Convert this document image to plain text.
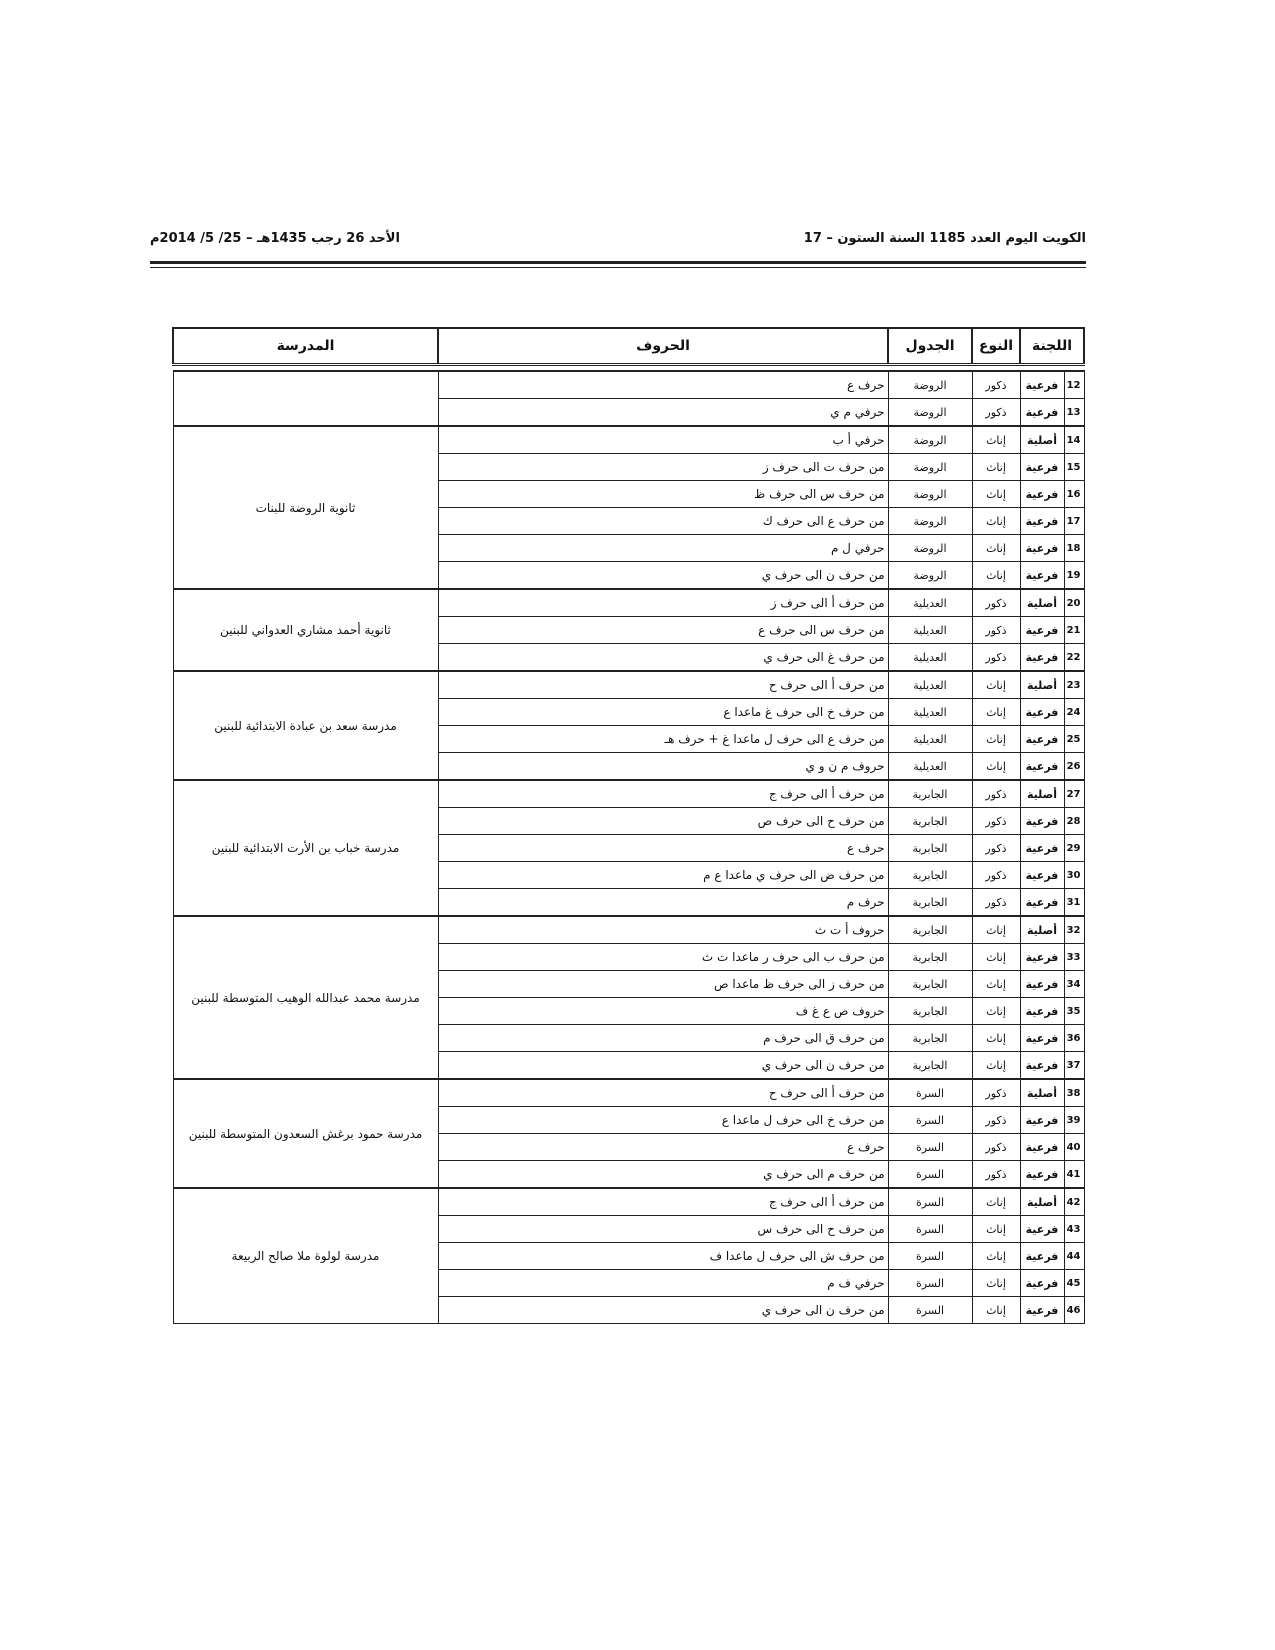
الكويت اليوم العدد 1185 السنة الستون – 17
الأحد 26 رجب 1435هـ – 25/ 5/ 2014م
اللجنة		النوع	الجدول	الحروف	المدرسة

12	فرعية	ذكور	الروضة	حرف ع	
13	فرعية	ذكور	الروضة	حرفي م ي	
14	أصلية	إناث	الروضة	حرفي أ ب	ثانوية الروضة للبنات
15	فرعية	إناث	الروضة	من حرف ت الى حرف ز	
16	فرعية	إناث	الروضة	من حرف س الى حرف ظ	
17	فرعية	إناث	الروضة	من حرف ع الى حرف ك	
18	فرعية	إناث	الروضة	حرفي ل م	
19	فرعية	إناث	الروضة	من حرف ن الى حرف ي	
20	أصلية	ذكور	العديلية	من حرف أ الى حرف ز	ثانوية أحمد مشاري العدواني للبنين
21	فرعية	ذكور	العديلية	من حرف س الى حرف ع	
22	فرعية	ذكور	العديلية	من حرف غ الى حرف ي	
23	أصلية	إناث	العديلية	من حرف أ الى حرف ح	مدرسة سعد بن عبادة الابتدائية للبنين
24	فرعية	إناث	العديلية	من حرف خ الى حرف غ ماعدا ع	
25	فرعية	إناث	العديلية	من حرف ع الى حرف ل ماعدا غ + حرف هـ	
26	فرعية	إناث	العديلية	حروف م ن و ي	
27	أصلية	ذكور	الجابرية	من حرف أ الى حرف ج	مدرسة خباب بن الأرت الابتدائية للبنين
28	فرعية	ذكور	الجابرية	من حرف ح الى حرف ص	
29	فرعية	ذكور	الجابرية	حرف ع	
30	فرعية	ذكور	الجابرية	من حرف ض الى حرف ي ماعدا ع م	
31	فرعية	ذكور	الجابرية	حرف م	
32	أصلية	إناث	الجابرية	حروف أ ت ث	مدرسة محمد عبدالله الوهيب المتوسطة للبنين
33	فرعية	إناث	الجابرية	من حرف ب الى حرف ر ماعدا ت ث	
34	فرعية	إناث	الجابرية	من حرف ز الى حرف ظ ماعدا ص	
35	فرعية	إناث	الجابرية	حروف ص ع غ ف	
36	فرعية	إناث	الجابرية	من حرف ق الى حرف م	
37	فرعية	إناث	الجابرية	من حرف ن الى حرف ي	
38	أصلية	ذكور	السرة	من حرف أ الى حرف ح	مدرسة حمود برغش السعدون المتوسطة للبنين
39	فرعية	ذكور	السرة	من حرف خ الى حرف ل ماعدا ع	
40	فرعية	ذكور	السرة	حرف ع	
41	فرعية	ذكور	السرة	من حرف م الى حرف ي	
42	أصلية	إناث	السرة	من حرف أ الى حرف ج	مدرسة لولوة ملا صالح الربيعة
43	فرعية	إناث	السرة	من حرف ح الى حرف س	
44	فرعية	إناث	السرة	من حرف ش الى حرف ل ماعدا ف	
45	فرعية	إناث	السرة	حرفي ف م	
46	فرعية	إناث	السرة	من حرف ن الى حرف ي	
